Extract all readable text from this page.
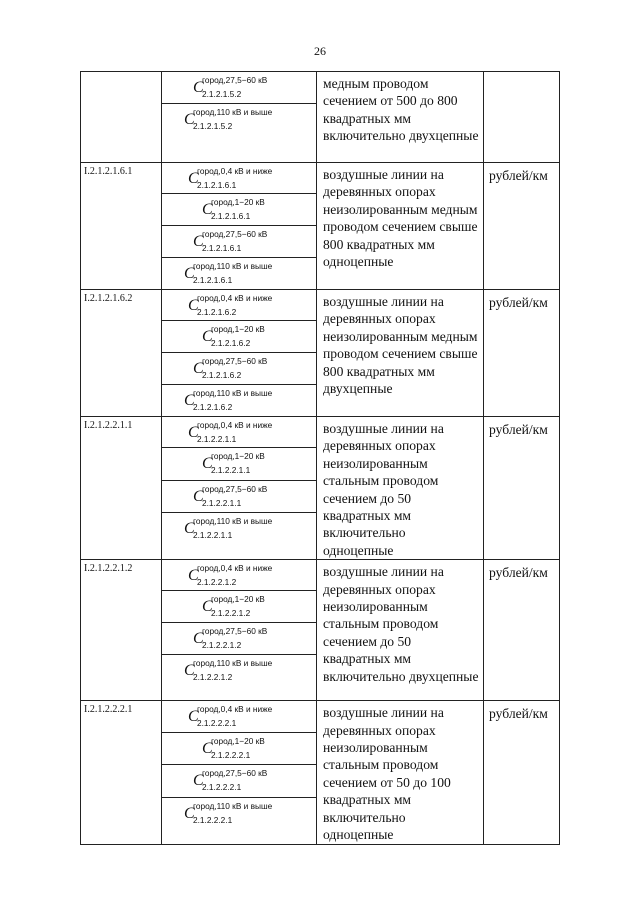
26

	C
город,27,5−60 кВ
2.1.2.1.5.2	медным проводом сечением от 500 до 800 квадратных мм включительно двухцепные	

	C
город,110 кВ и выше
2.1.2.1.5.2		

I.2.1.2.1.6.1	C
город,0,4 кВ и ниже
2.1.2.1.6.1	воздушные линии на деревянных опорах неизолированным медным проводом сечением свыше 800 квадратных мм одноцепные	рублей/км

	C
город,1−20 кВ
2.1.2.1.6.1		

	C
город,27,5−60 кВ
2.1.2.1.6.1		

	C
город,110 кВ и выше
2.1.2.1.6.1		

I.2.1.2.1.6.2	C
город,0,4 кВ и ниже
2.1.2.1.6.2	воздушные линии на деревянных опорах неизолированным медным проводом сечением свыше 800 квадратных мм двухцепные	рублей/км

	C
город,1−20 кВ
2.1.2.1.6.2		

	C
город,27,5−60 кВ
2.1.2.1.6.2		

	C
город,110 кВ и выше
2.1.2.1.6.2		

I.2.1.2.2.1.1	C
город,0,4 кВ и ниже
2.1.2.2.1.1	воздушные линии на деревянных опорах неизолированным стальным проводом сечением до 50 квадратных мм включительно одноцепные	рублей/км

	C
город,1−20 кВ
2.1.2.2.1.1		

	C
город,27,5−60 кВ
2.1.2.2.1.1		

	C
город,110 кВ и выше
2.1.2.2.1.1		

I.2.1.2.2.1.2	C
город,0,4 кВ и ниже
2.1.2.2.1.2	воздушные линии на деревянных опорах неизолированным стальным проводом сечением до 50 квадратных мм включительно двухцепные	рублей/км

	C
город,1−20 кВ
2.1.2.2.1.2		

	C
город,27,5−60 кВ
2.1.2.2.1.2		

	C
город,110 кВ и выше
2.1.2.2.1.2		

I.2.1.2.2.2.1	C
город,0,4 кВ и ниже
2.1.2.2.2.1	воздушные линии на деревянных опорах неизолированным стальным проводом сечением от 50 до 100 квадратных мм включительно одноцепные	рублей/км

	C
город,1−20 кВ
2.1.2.2.2.1		

	C
город,27,5−60 кВ
2.1.2.2.2.1		

	C
город,110 кВ и выше
2.1.2.2.2.1		
